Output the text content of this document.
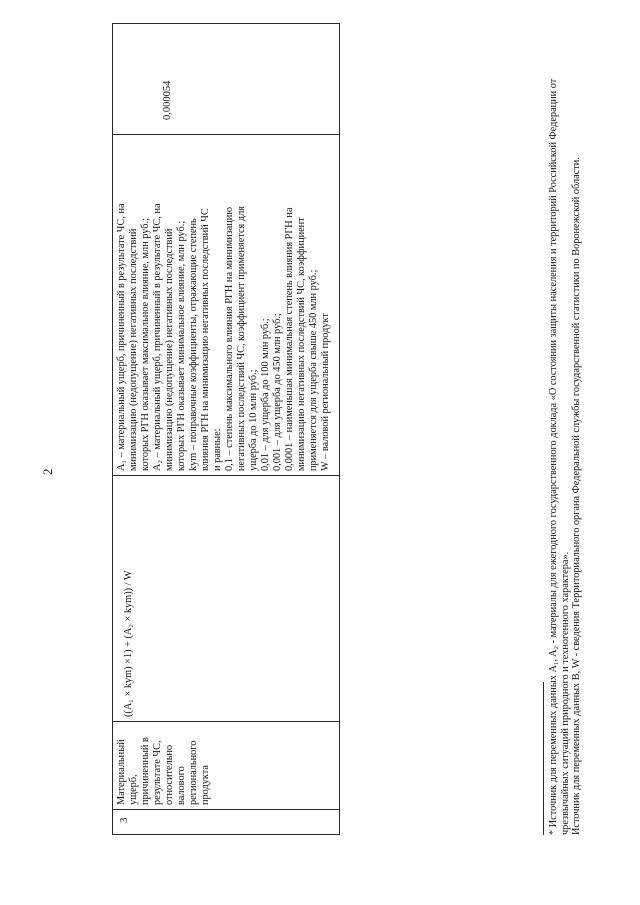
2
3
Материальный ущерб, причиненный в результате ЧС, относительно валового регионального продукта
((A₁ × kym) ×1) + (A₂ × kym)) / W
A₁ – материальный ущерб, причиненный в результате ЧС, на минимизацию (недопущение) негативных последствий которых РГН оказывает максимальное влияние, млн руб.; A₂ – материальный ущерб, причиненный в результате ЧС, на минимизацию (недопущение) негативных последствий которых РГН оказывает минимальное влияние, млн руб.; kym – поправочные коэффициенты, отражающие степень влияния РГН на минимизацию негативных последствий ЧС и равные: 0,1 – степень максимального влияния РГН на минимизацию негативных последствий ЧС, коэффициент применяется для ущерба до 10 млн руб.; 0,01 – для ущерба до 100 млн руб.; 0,001 – для ущерба до 450 млн руб.; 0,0001 – наименьшая минимальная степень влияния РГН на минимизацию негативных последствий ЧС, коэффициент применяется для ущерба свыше 450 млн руб.; W – валовой региональный продукт
0,000054	* Источник для переменных данных A₁, A₂ - материалы для ежегодного государственного доклада «О состоянии защиты населения и территорий Российской Федерации от чрезвычайных ситуаций природного и техногенного характера». Источник для переменных данных B, W - сведения Территориального органа Федеральной службы государственной статистики по Воронежской области.
